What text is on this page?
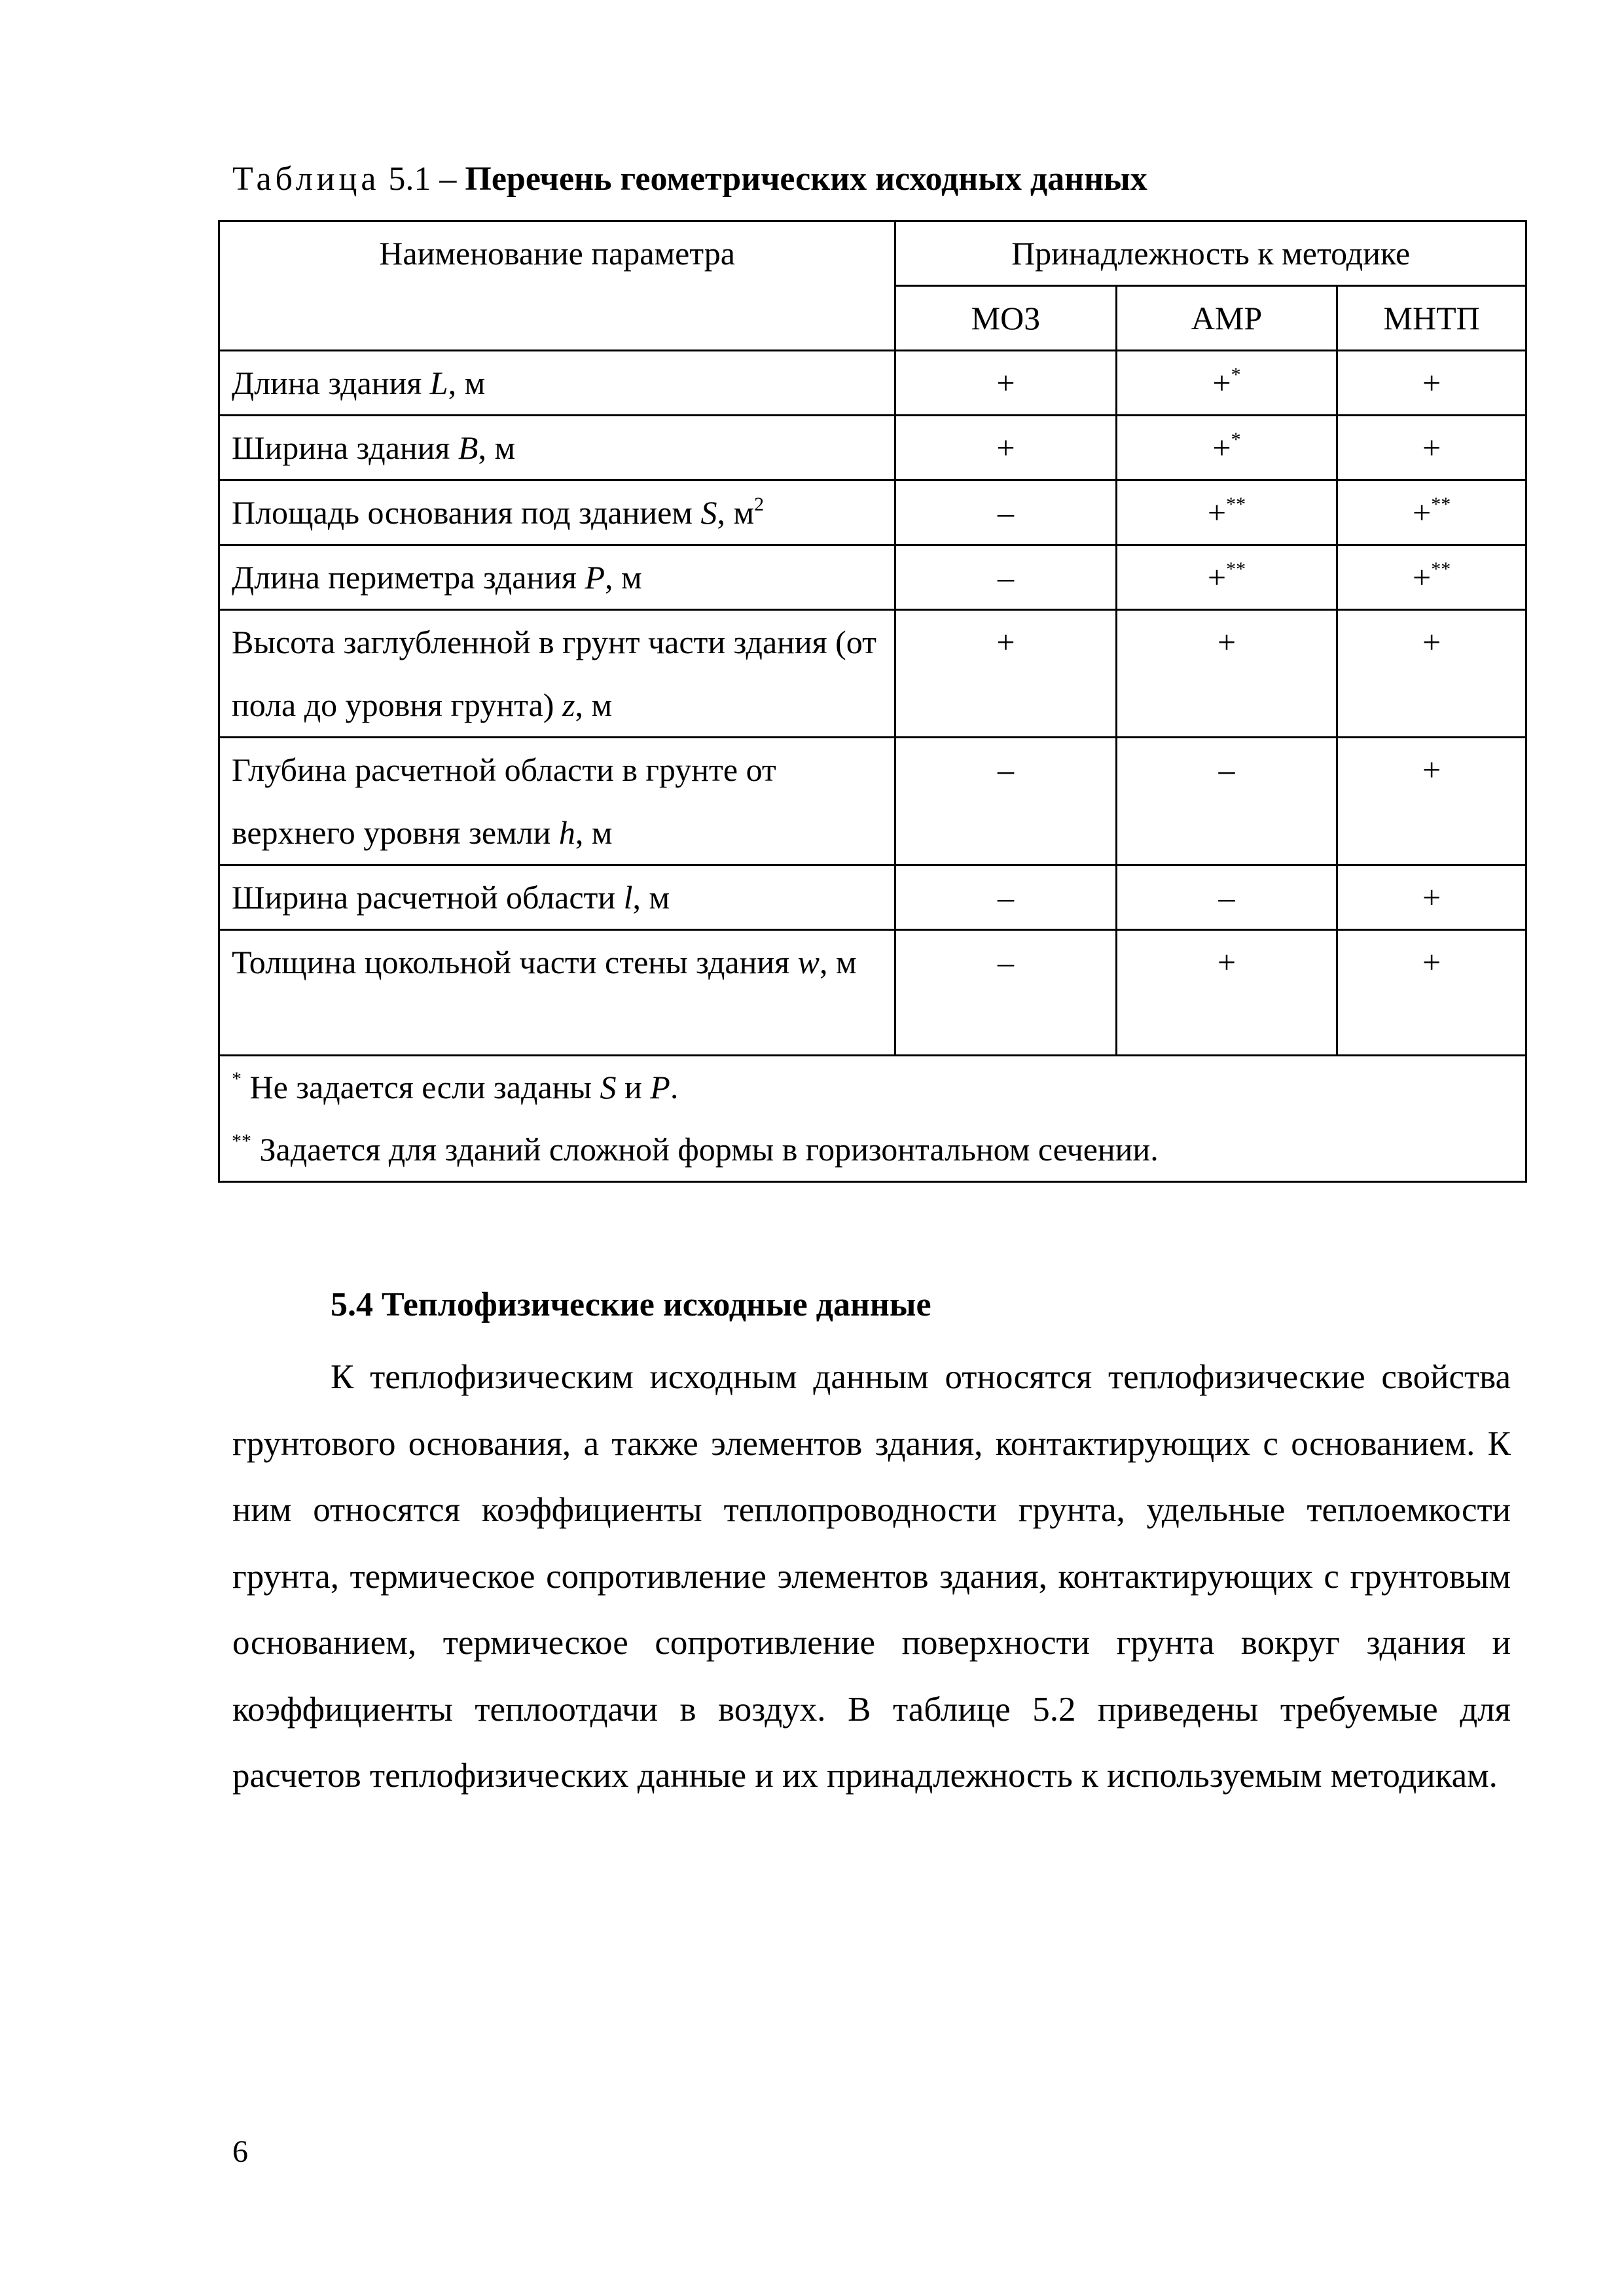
Таблица 5.1 – Перечень геометрических исходных данных
Наименование параметра	Принадлежность к методике		
	МОЗ	АМР	МНТП
Длина здания L, м	+	+*	+
Ширина здания B, м	+	+*	+
Площадь основания под зданием S, $м^2$	–	+**	+**
Длина периметра здания P, м	–	+**	+**
Высота заглубленной в грунт части здания (от пола до уровня грунта) z, м	+	+	+
Глубина расчетной области в грунте от верхнего уровня земли h, м	–	–	+
Ширина расчетной области l, м	–	–	+
Толщина цокольной части стены здания w, м	–	+	+

* Не задается если заданы S и P.
** Задается для зданий сложной формы в горизонтальном сечении.			
5.4 Теплофизические исходные данные

К теплофизическим исходным данным относятся теплофизические свойства грунтового основания, а также элементов здания, контактирующих с основанием. К ним относятся коэффициенты теплопроводности грунта, удельные теплоемкости грунта, термическое сопротивление элементов здания, контактирующих с грунтовым основанием, термическое сопротивление поверхности грунта вокруг здания и коэффициенты теплоотдачи в воздух. В таблице 5.2 приведены требуемые для расчетов теплофизических данные и их принадлежность к используемым методикам.

6
